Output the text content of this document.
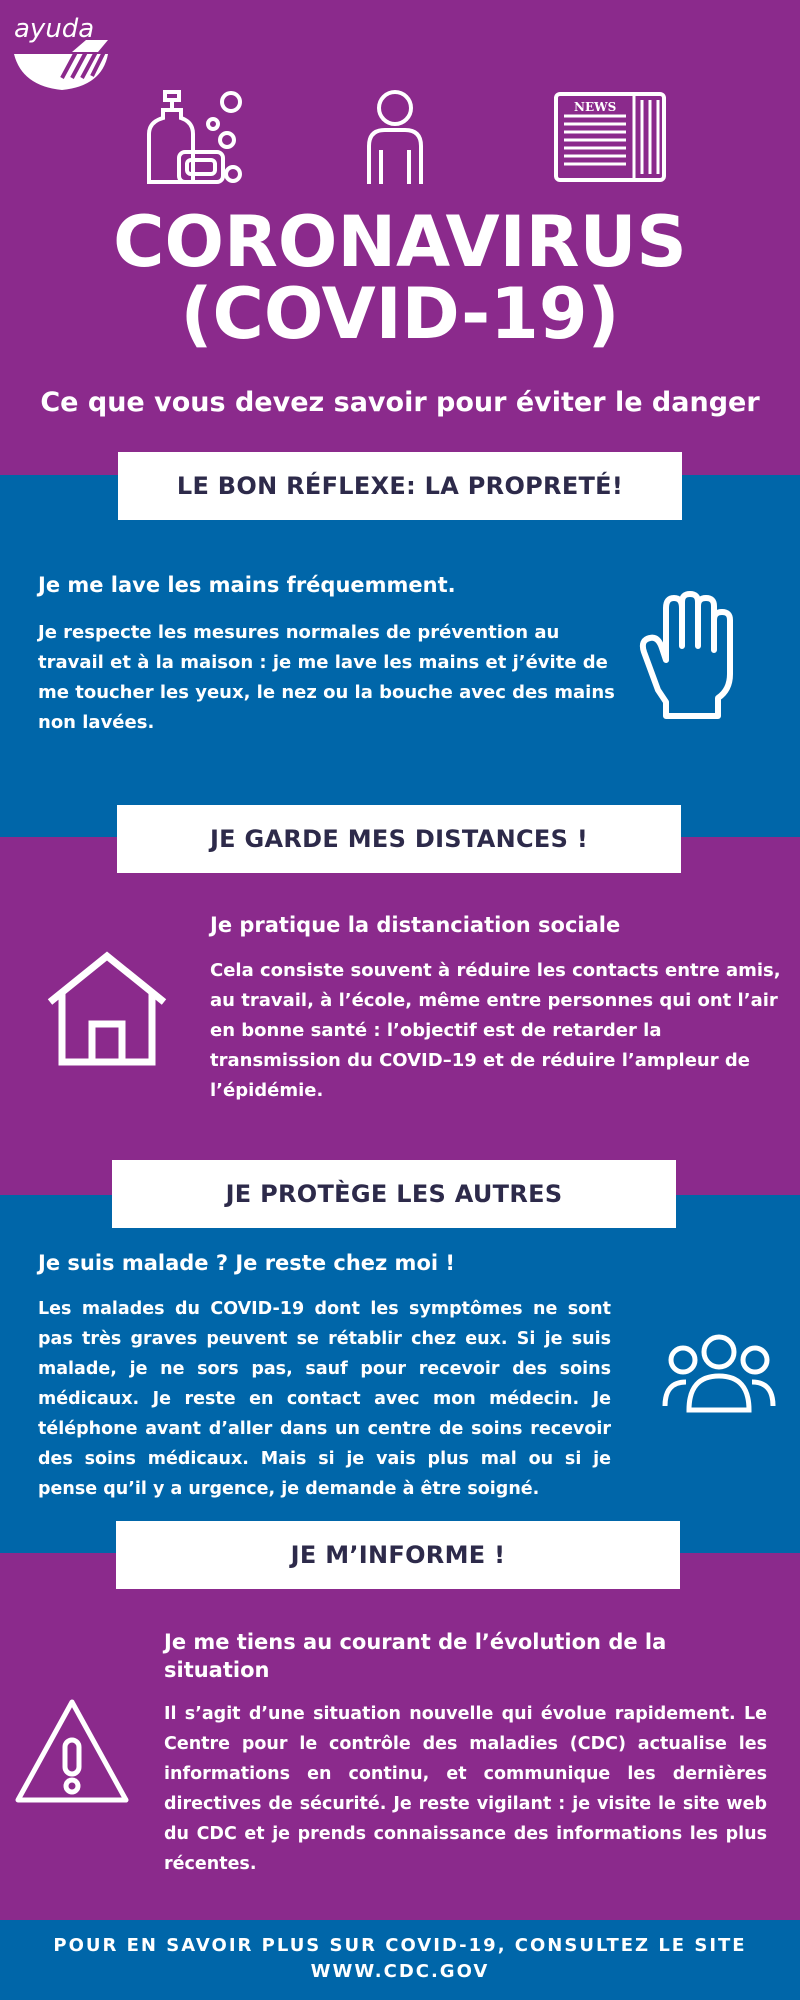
ayuda
NEWS
CORONAVIRUS
(COVID-19)
Ce que vous devez savoir pour éviter le danger
LE BON RÉFLEXE: LA PROPRETÉ!
Je me lave les mains fréquemment.
Je respecte les mesures normales de prévention au travail et à la maison : je me lave les mains et j’évite de me toucher les yeux, le nez ou la bouche avec des mains non lavées.
JE GARDE MES DISTANCES !
Je pratique la distanciation sociale
Cela consiste souvent à réduire les contacts entre amis, au travail, à l’école, même entre personnes qui ont l’air en bonne santé : l’objectif est de retarder la transmission du COVID–19 et de réduire l’ampleur de l’épidémie.
JE PROTÈGE LES AUTRES
Je suis malade ? Je reste chez moi !
Les malades du COVID-19 dont les symptômes ne sont pas très graves peuvent se rétablir chez eux. Si je suis malade, je ne sors pas, sauf pour recevoir des soins médicaux. Je reste en contact avec mon médecin. Je téléphone avant d’aller dans un centre de soins recevoir des soins médicaux. Mais si je vais plus mal ou si je pense qu’il y a urgence, je demande à être soigné.
JE M’INFORME !
Je me tiens au courant de l’évolution de la situation
Il s’agit d’une situation nouvelle qui évolue rapidement. Le Centre pour le contrôle des maladies (CDC) actualise les informations en continu, et communique les dernières directives de sécurité. Je reste vigilant : je visite le site web du CDC et je prends connaissance des informations les plus récentes.
POUR EN SAVOIR PLUS SUR COVID-19, CONSULTEZ LE SITE
WWW.CDC.GOV
